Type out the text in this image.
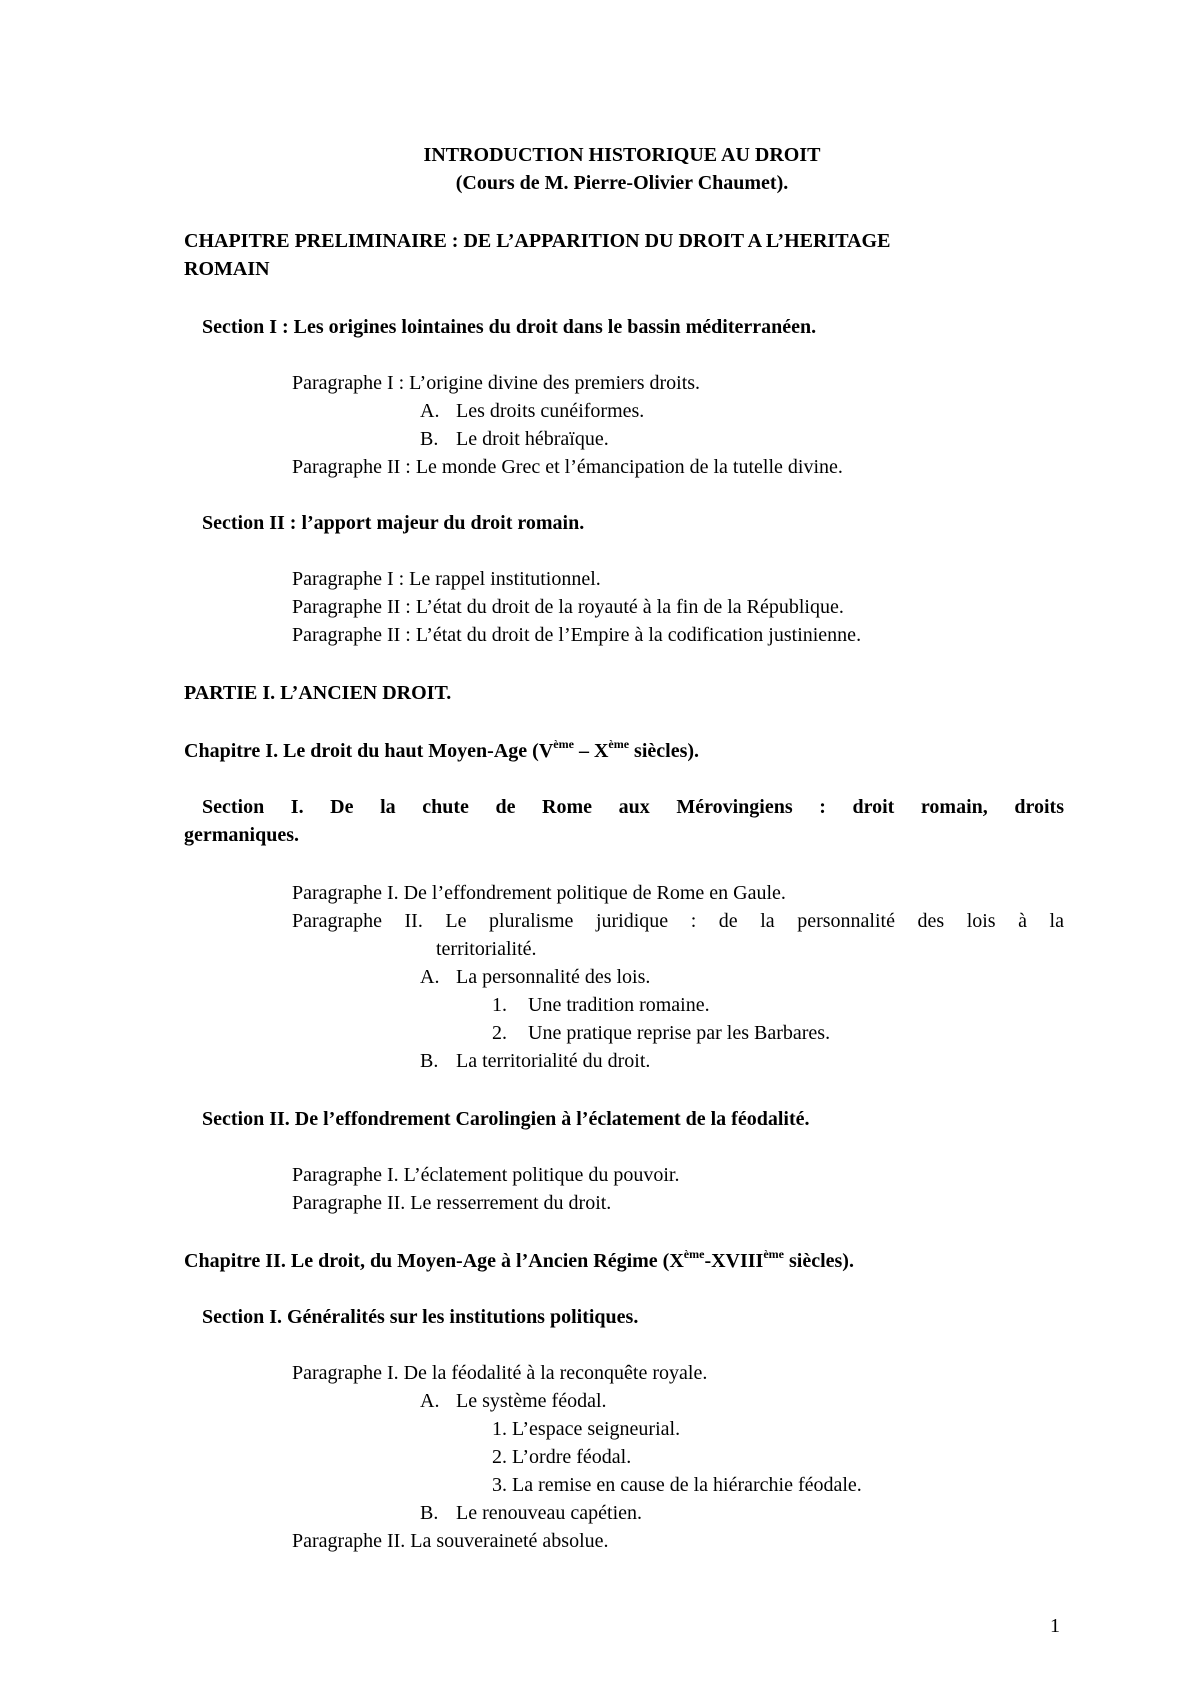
INTRODUCTION HISTORIQUE AU DROIT
(Cours de M. Pierre-Olivier Chaumet).
CHAPITRE PRELIMINAIRE : DE L’APPARITION DU DROIT A L’HERITAGE
ROMAIN
Section I : Les origines lointaines du droit dans le bassin méditerranéen.
Paragraphe I : L’origine divine des premiers droits.
A. Les droits cunéiformes.
B. Le droit hébraïque.
Paragraphe II : Le monde Grec et l’émancipation de la tutelle divine.
Section II : l’apport majeur du droit romain.
Paragraphe I : Le rappel institutionnel.
Paragraphe II : L’état du droit de la royauté à la fin de la République.
Paragraphe II : L’état du droit de l’Empire à la codification justinienne.
PARTIE I. L’ANCIEN DROIT.
Chapitre I. Le droit du haut Moyen-Age (Vème – Xème siècles).
Section I. De la chute de Rome aux Mérovingiens : droit romain, droits
germaniques.
Paragraphe I. De l’effondrement politique de Rome en Gaule.
Paragraphe II. Le pluralisme juridique : de la personnalité des lois à la
territorialité.
A. La personnalité des lois.
1. Une tradition romaine.
2. Une pratique reprise par les Barbares.
B. La territorialité du droit.
Section II. De l’effondrement Carolingien à l’éclatement de la féodalité.
Paragraphe I. L’éclatement politique du pouvoir.
Paragraphe II. Le resserrement du droit.
Chapitre II. Le droit, du Moyen-Age à l’Ancien Régime (Xème-XVIIIème siècles).
Section I. Généralités sur les institutions politiques.
Paragraphe I. De la féodalité à la reconquête royale.
A. Le système féodal.
1. L’espace seigneurial.
2. L’ordre féodal.
3. La remise en cause de la hiérarchie féodale.
B. Le renouveau capétien.
Paragraphe II. La souveraineté absolue.
1
